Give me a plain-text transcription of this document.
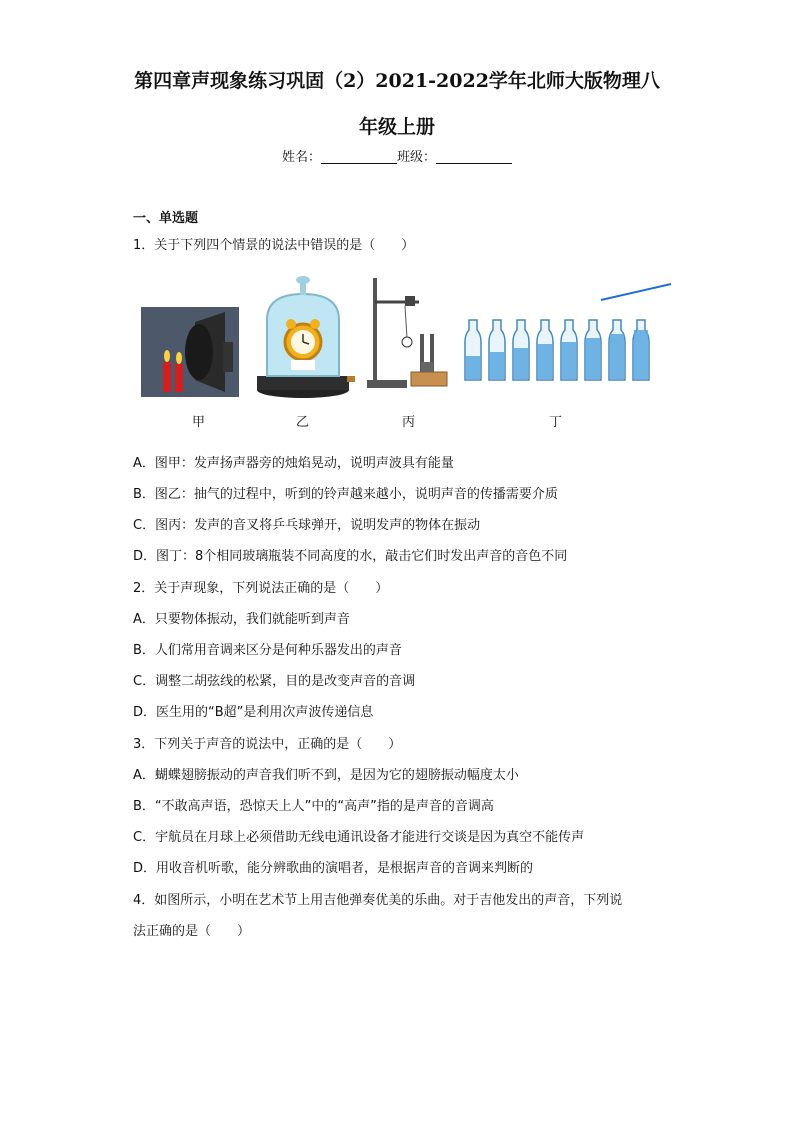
第四章声现象练习巩固（2）2021-2022学年北师大版物理八
年级上册
姓名：	班级：
一、单选题
1．关于下列四个情景的说法中错误的是（　　）
甲	乙	丙	丁
A．图甲：发声扬声器旁的烛焰晃动，说明声波具有能量
B．图乙：抽气的过程中，听到的铃声越来越小，说明声音的传播需要介质
C．图丙：发声的音叉将乒乓球弹开，说明发声的物体在振动
D．图丁：8个相同玻璃瓶装不同高度的水，敲击它们时发出声音的音色不同
2．关于声现象，下列说法正确的是（　　）
A．只要物体振动，我们就能听到声音
B．人们常用音调来区分是何种乐器发出的声音
C．调整二胡弦线的松紧，目的是改变声音的音调
D．医生用的“B超”是利用次声波传递信息
3．下列关于声音的说法中，正确的是（　　）
A．蝴蝶翅膀振动的声音我们听不到，是因为它的翅膀振动幅度太小
B．“不敢高声语，恐惊天上人”中的“高声”指的是声音的音调高
C．宇航员在月球上必须借助无线电通讯设备才能进行交谈是因为真空不能传声
D．用收音机听歌，能分辨歌曲的演唱者，是根据声音的音调来判断的
4．如图所示，小明在艺术节上用吉他弹奏优美的乐曲。对于吉他发出的声音，下列说
法正确的是（　　）
